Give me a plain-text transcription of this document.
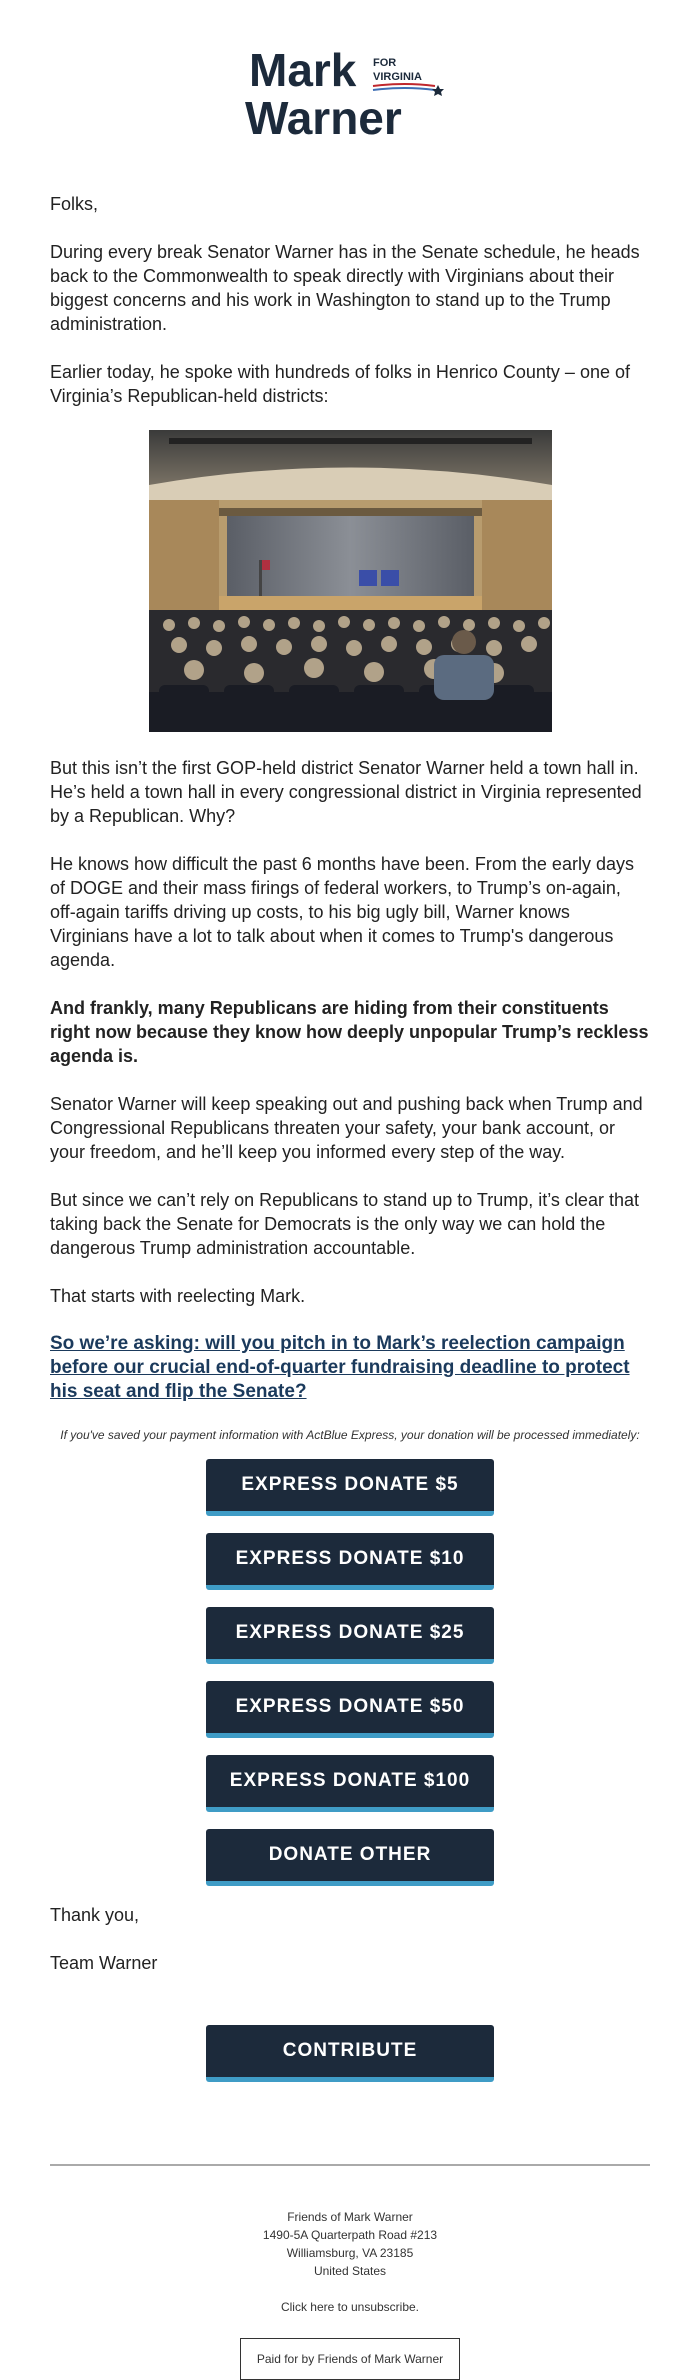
Mark FOR
VIRGINIA
Warner

Folks,

During every break Senator Warner has in the Senate schedule, he heads back to the Commonwealth to speak directly with Virginians about their biggest concerns and his work in Washington to stand up to the Trump administration.

Earlier today, he spoke with hundreds of folks in Henrico County – one of Virginia’s Republican-held districts:

But this isn’t the first GOP-held district Senator Warner held a town hall in. He’s held a town hall in every congressional district in Virginia represented by a Republican. Why?

He knows how difficult the past 6 months have been. From the early days of DOGE and their mass firings of federal workers, to Trump’s on-again, off-again tariffs driving up costs, to his big ugly bill, Warner knows Virginians have a lot to talk about when it comes to Trump's dangerous agenda.

And frankly, many Republicans are hiding from their constituents right now because they know how deeply unpopular Trump’s reckless agenda is.

Senator Warner will keep speaking out and pushing back when Trump and Congressional Republicans threaten your safety, your bank account, or your freedom, and he’ll keep you informed every step of the way.

But since we can’t rely on Republicans to stand up to Trump, it’s clear that taking back the Senate for Democrats is the only way we can hold the dangerous Trump administration accountable.

That starts with reelecting Mark.

So we’re asking: will you pitch in to Mark’s reelection campaign before our crucial end-of-quarter fundraising deadline to protect his seat and flip the Senate?

If you've saved your payment information with ActBlue Express, your donation will be processed immediately:

EXPRESS DONATE $5
EXPRESS DONATE $10
EXPRESS DONATE $25
EXPRESS DONATE $50
EXPRESS DONATE $100
DONATE OTHER

Thank you,

Team Warner

CONTRIBUTE
Friends of Mark Warner
1490-5A Quarterpath Road #213
Williamsburg, VA 23185
United States
Click here to unsubscribe.
Paid for by Friends of Mark Warner
